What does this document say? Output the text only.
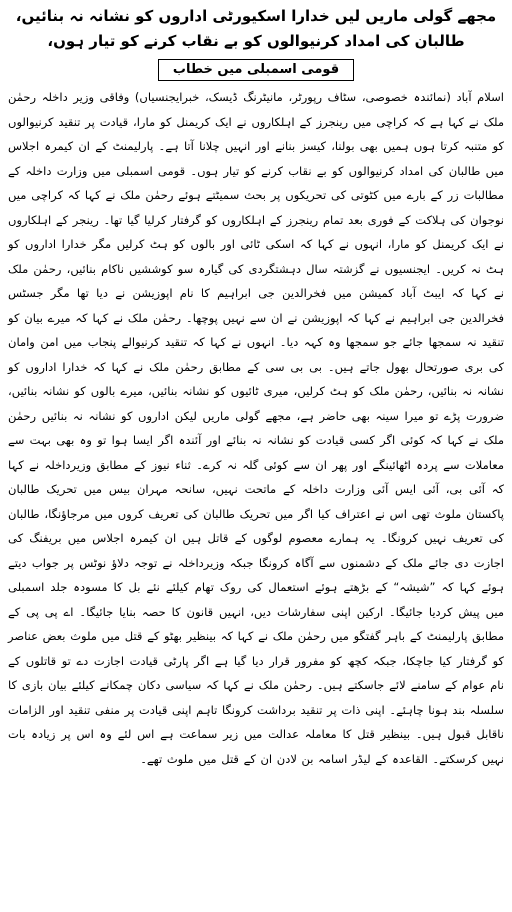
مجھے گولی ماریں لیں خدارا اسکیورٹی اداروں کو نشانہ نہ بنائیں، طالبان کی امداد کرنیوالوں کو بے نقاب کرنے کو تیار ہوں،
قومی اسمبلی میں خطاب

اسلام آباد (نمائندہ خصوصی، سٹاف رپورٹر، مانیٹرنگ ڈیسک، خبرایجنسیاں) وفاقی وزیر داخلہ رحمٰن ملک نے کہا ہے کہ کراچی میں رینجرز کے اہلکاروں نے ایک کریمنل کو مارا، قیادت پر تنقید کرنیوالوں کو متنبہ کرتا ہوں ہمیں بھی بولنا، کیسز بنانے اور انہیں چلانا آتا ہے۔ پارلیمنٹ کے ان کیمرہ اجلاس میں طالبان کی امداد کرنیوالوں کو بے نقاب کرنے کو تیار ہوں۔ قومی اسمبلی میں وزارت داخلہ کے مطالبات زر کے بارے میں کٹوتی کی تحریکوں پر بحث سمیٹتے ہوئے رحمٰن ملک نے کہا کہ کراچی میں نوجوان کی ہلاکت کے فوری بعد تمام رینجرز کے اہلکاروں کو گرفتار کرلیا گیا تھا۔ رینجر کے اہلکاروں نے ایک کریمنل کو مارا، انہوں نے کہا کہ اسکی ٹائی اور بالوں کو ہٹ کرلیں مگر خدارا اداروں کو ہٹ نہ کریں۔ ایجنسیوں نے گزشتہ سال دہشتگردی کی گیارہ سو کوششیں ناکام بنائیں، رحمٰن ملک نے کہا کہ ایبٹ آباد کمیشن میں فخرالدین جی ابراہیم کا نام اپوزیشن نے دیا تھا مگر جسٹس فخرالدین جی ابراہیم نے کہا کہ اپوزیشن نے ان سے نہیں پوچھا۔ رحمٰن ملک نے کہا کہ میرے بیان کو تنقید نہ سمجھا جائے جو سمجھا وہ کہہ دیا۔ انہوں نے کہا کہ تنقید کرنیوالے پنجاب میں امن وامان کی بری صورتحال بھول جاتے ہیں۔ بی بی سی کے مطابق رحمٰن ملک نے کہا کہ خدارا اداروں کو نشانہ نہ بنائیں، رحمٰن ملک کو ہٹ کرلیں، میری ٹائیوں کو نشانہ بنائیں، میرے بالوں کو نشانہ بنائیں، ضرورت پڑے تو میرا سینہ بھی حاضر ہے، مجھے گولی ماریں لیکن اداروں کو نشانہ نہ بنائیں رحمٰن ملک نے کہا کہ کوئی اگر کسی قیادت کو نشانہ نہ بنائے اور آئندہ اگر ایسا ہوا تو وہ بھی بہت سے معاملات سے پردہ اٹھائینگے اور پھر ان سے کوئی گلہ نہ کرے۔ ثناء نیوز کے مطابق وزیرداخلہ نے کہا کہ آئی بی، آئی ایس آئی وزارت داخلہ کے ماتحت نہیں، سانحہ مہران بیس میں تحریک طالبان پاکستان ملوث تھی اس نے اعتراف کیا اگر میں تحریک طالبان کی تعریف کروں میں مرجاؤنگا، طالبان کی تعریف نہیں کرونگا۔ یہ ہمارے معصوم لوگوں کے قاتل ہیں ان کیمرہ اجلاس میں بریفنگ کی اجازت دی جائے ملک کے دشمنوں سے آگاہ کرونگا جبکہ وزیرداخلہ نے توجہ دلاؤ نوٹس پر جواب دیتے ہوئے کہا کہ ”شیشہ“ کے بڑھتے ہوئے استعمال کی روک تھام کیلئے نئے بل کا مسودہ جلد اسمبلی میں پیش کردیا جائیگا۔ ارکین اپنی سفارشات دیں، انہیں قانون کا حصہ بنایا جائیگا۔ اے پی پی کے مطابق پارلیمنٹ کے باہر گفتگو میں رحمٰن ملک نے کہا کہ بینظیر بھٹو کے قتل میں ملوث بعض عناصر کو گرفتار کیا جاچکا، جبکہ کچھ کو مفرور قرار دیا گیا ہے اگر پارٹی قیادت اجازت دے تو قاتلوں کے نام عوام کے سامنے لائے جاسکتے ہیں۔ رحمٰن ملک نے کہا کہ سیاسی دکان چمکانے کیلئے بیان بازی کا سلسلہ بند ہونا چاہئے۔ اپنی ذات پر تنقید برداشت کرونگا تاہم اپنی قیادت پر منفی تنقید اور الزامات ناقابل قبول ہیں۔ بینظیر قتل کا معاملہ عدالت میں زیر سماعت ہے اس لئے وہ اس پر زیادہ بات نہیں کرسکتے۔ القاعدہ کے لیڈر اسامہ بن لادن ان کے قتل میں ملوث تھے۔
